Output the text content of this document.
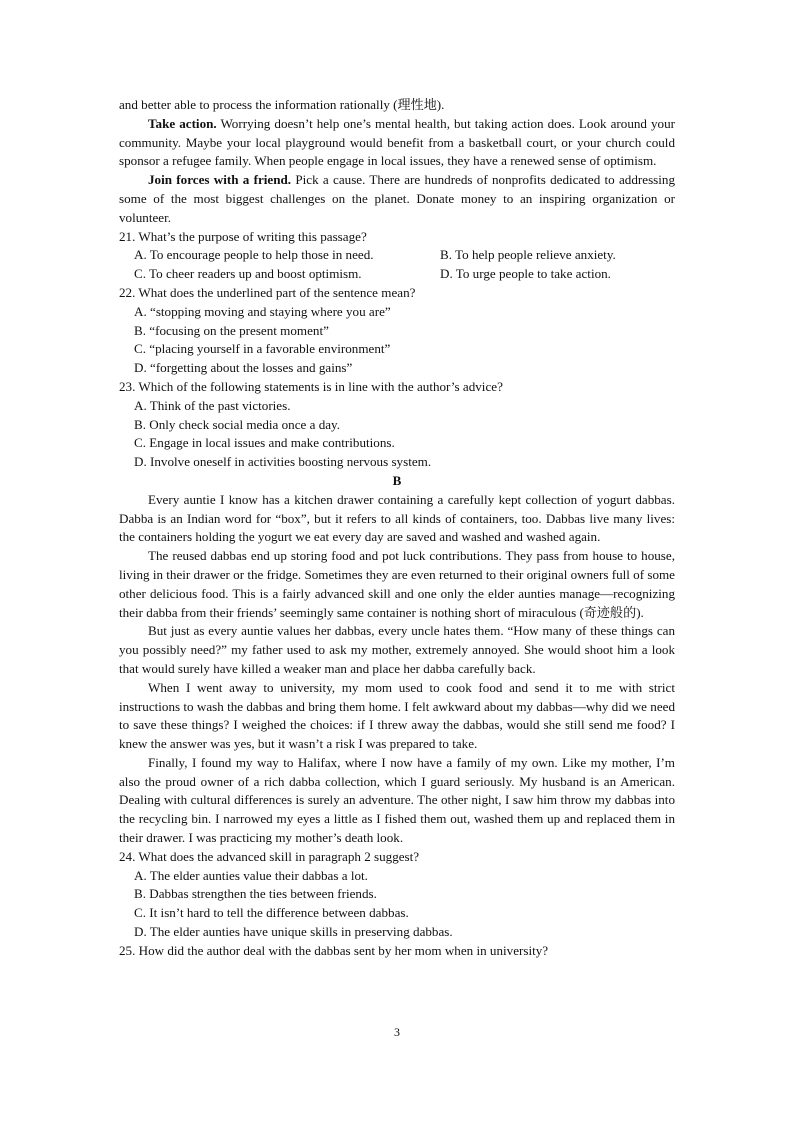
and better able to process the information rationally (理性地).

Take action. Worrying doesn’t help one’s mental health, but taking action does. Look around your community. Maybe your local playground would benefit from a basketball court, or your church could sponsor a refugee family. When people engage in local issues, they have a renewed sense of optimism.

Join forces with a friend. Pick a cause. There are hundreds of nonprofits dedicated to addressing some of the most biggest challenges on the planet. Donate money to an inspiring organization or volunteer.

21. What’s the purpose of writing this passage?

A. To encourage people to help those in need.	B. To help people relieve anxiety.
C. To cheer readers up and boost optimism.	D. To urge people to take action.

22. What does the underlined part of the sentence mean?

A. “stopping moving and staying where you are”

B. “focusing on the present moment”

C. “placing yourself in a favorable environment”

D. “forgetting about the losses and gains”

23. Which of the following statements is in line with the author’s advice?

A. Think of the past victories.

B. Only check social media once a day.

C. Engage in local issues and make contributions.

D. Involve oneself in activities boosting nervous system.

B

Every auntie I know has a kitchen drawer containing a carefully kept collection of yogurt dabbas. Dabba is an Indian word for “box”, but it refers to all kinds of containers, too. Dabbas live many lives: the containers holding the yogurt we eat every day are saved and washed and washed again.

The reused dabbas end up storing food and pot luck contributions. They pass from house to house, living in their drawer or the fridge. Sometimes they are even returned to their original owners full of some other delicious food. This is a fairly advanced skill and one only the elder aunties manage—recognizing their dabba from their friends’ seemingly same container is nothing short of miraculous (奇迹般的).

But just as every auntie values her dabbas, every uncle hates them. “How many of these things can you possibly need?” my father used to ask my mother, extremely annoyed. She would shoot him a look that would surely have killed a weaker man and place her dabba carefully back.

When I went away to university, my mom used to cook food and send it to me with strict instructions to wash the dabbas and bring them home. I felt awkward about my dabbas—why did we need to save these things? I weighed the choices: if I threw away the dabbas, would she still send me food? I knew the answer was yes, but it wasn’t a risk I was prepared to take.

Finally, I found my way to Halifax, where I now have a family of my own. Like my mother, I’m also the proud owner of a rich dabba collection, which I guard seriously. My husband is an American. Dealing with cultural differences is surely an adventure. The other night, I saw him throw my dabbas into the recycling bin. I narrowed my eyes a little as I fished them out, washed them up and replaced them in their drawer. I was practicing my mother’s death look.

24. What does the advanced skill in paragraph 2 suggest?

A. The elder aunties value their dabbas a lot.

B. Dabbas strengthen the ties between friends.

C. It isn’t hard to tell the difference between dabbas.

D. The elder aunties have unique skills in preserving dabbas.

25. How did the author deal with the dabbas sent by her mom when in university?

3
